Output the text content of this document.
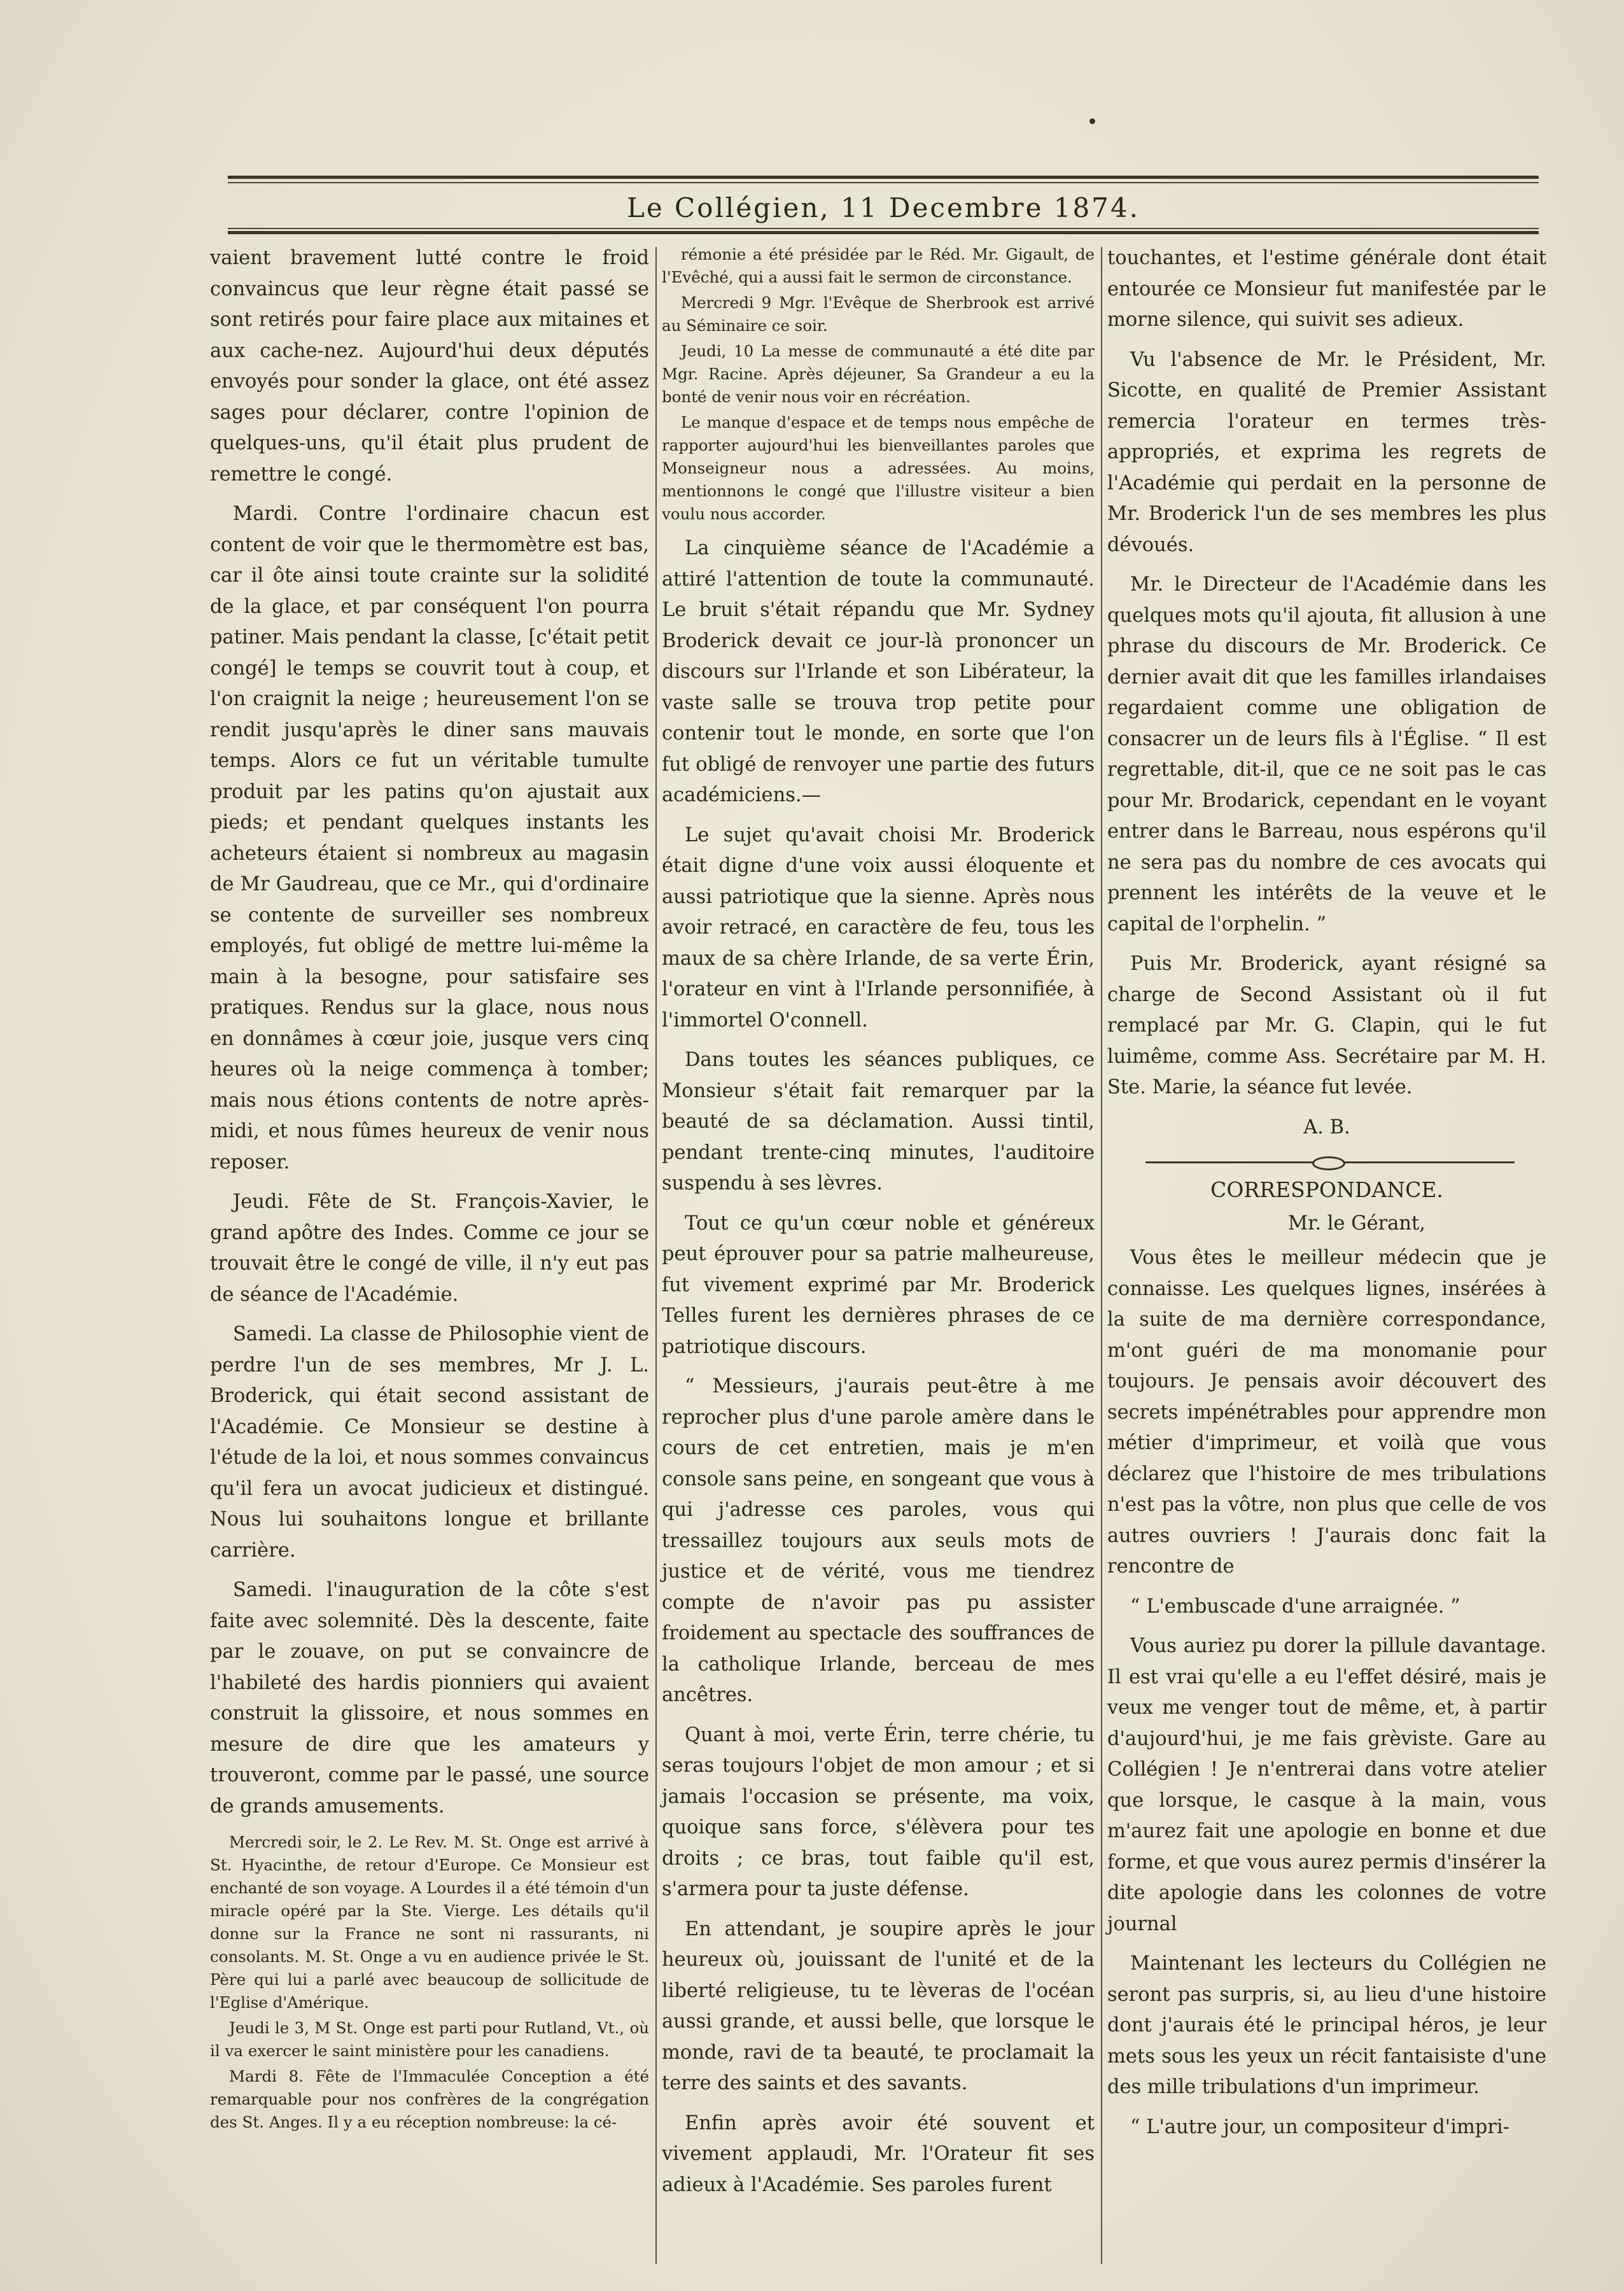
Le Collégien, 11 Decembre 1874.

vaient bravement lutté contre le froid convaincus que leur règne était passé se sont retirés pour faire place aux mitaines et aux cache-nez. Aujourd'hui deux députés envoyés pour sonder la glace, ont été assez sages pour déclarer, contre l'opinion de quelques-uns, qu'il était plus prudent de remettre le congé.

Mardi. Contre l'ordinaire chacun est content de voir que le thermomètre est bas, car il ôte ainsi toute crainte sur la solidité de la glace, et par conséquent l'on pourra patiner. Mais pendant la classe, [c'était petit congé] le temps se couvrit tout à coup, et l'on craignit la neige ; heureusement l'on se rendit jusqu'après le diner sans mauvais temps. Alors ce fut un véritable tumulte produit par les patins qu'on ajustait aux pieds; et pendant quelques instants les acheteurs étaient si nombreux au magasin de Mr Gaudreau, que ce Mr., qui d'ordinaire se contente de surveiller ses nombreux employés, fut obligé de mettre lui-même la main à la besogne, pour satisfaire ses pratiques. Rendus sur la glace, nous nous en donnâmes à cœur joie, jusque vers cinq heures où la neige commença à tomber; mais nous étions contents de notre après-midi, et nous fûmes heureux de venir nous reposer.

Jeudi. Fête de St. François-Xavier, le grand apôtre des Indes. Comme ce jour se trouvait être le congé de ville, il n'y eut pas de séance de l'Académie.

Samedi. La classe de Philosophie vient de perdre l'un de ses membres, Mr J. L. Broderick, qui était second assistant de l'Académie. Ce Monsieur se destine à l'étude de la loi, et nous sommes convaincus qu'il fera un avocat judicieux et distingué. Nous lui souhaitons longue et brillante carrière.

Samedi. l'inauguration de la côte s'est faite avec solemnité. Dès la descente, faite par le zouave, on put se convaincre de l'habileté des hardis pionniers qui avaient construit la glissoire, et nous sommes en mesure de dire que les amateurs y trouveront, comme par le passé, une source de grands amusements.

Mercredi soir, le 2. Le Rev. M. St. Onge est arrivé à St. Hyacinthe, de retour d'Europe. Ce Monsieur est enchanté de son voyage. A Lourdes il a été témoin d'un miracle opéré par la Ste. Vierge. Les détails qu'il donne sur la France ne sont ni rassurants, ni consolants. M. St. Onge a vu en audience privée le St. Père qui lui a parlé avec beaucoup de sollicitude de l'Eglise d'Amérique.

Jeudi le 3, M St. Onge est parti pour Rutland, Vt., où il va exercer le saint ministère pour les canadiens.

Mardi 8. Fête de l'Immaculée Conception a été remarquable pour nos confrères de la congrégation des St. Anges. Il y a eu réception nombreuse: la cé-

rémonie a été présidée par le Réd. Mr. Gigault, de l'Evêché, qui a aussi fait le sermon de circonstance.

Mercredi 9 Mgr. l'Evêque de Sherbrook est arrivé au Séminaire ce soir.

Jeudi, 10 La messe de communauté a été dite par Mgr. Racine. Après déjeuner, Sa Grandeur a eu la bonté de venir nous voir en récréation.

Le manque d'espace et de temps nous empêche de rapporter aujourd'hui les bienveillantes paroles que Monseigneur nous a adressées. Au moins, mentionnons le congé que l'illustre visiteur a bien voulu nous accorder.

La cinquième séance de l'Académie a attiré l'attention de toute la communauté. Le bruit s'était répandu que Mr. Sydney Broderick devait ce jour-là prononcer un discours sur l'Irlande et son Libérateur, la vaste salle se trouva trop petite pour contenir tout le monde, en sorte que l'on fut obligé de renvoyer une partie des futurs académiciens.—

Le sujet qu'avait choisi Mr. Broderick était digne d'une voix aussi éloquente et aussi patriotique que la sienne. Après nous avoir retracé, en caractère de feu, tous les maux de sa chère Irlande, de sa verte Érin, l'orateur en vint à l'Irlande personnifiée, à l'immortel O'connell.

Dans toutes les séances publiques, ce Monsieur s'était fait remarquer par la beauté de sa déclamation. Aussi tintil, pendant trente-cinq minutes, l'auditoire suspendu à ses lèvres.

Tout ce qu'un cœur noble et généreux peut éprouver pour sa patrie malheureuse, fut vivement exprimé par Mr. Broderick Telles furent les dernières phrases de ce patriotique discours.

“ Messieurs, j'aurais peut-être à me reprocher plus d'une parole amère dans le cours de cet entretien, mais je m'en console sans peine, en songeant que vous à qui j'adresse ces paroles, vous qui tressaillez toujours aux seuls mots de justice et de vérité, vous me tiendrez compte de n'avoir pas pu assister froidement au spectacle des souffrances de la catholique Irlande, berceau de mes ancêtres.

Quant à moi, verte Érin, terre chérie, tu seras toujours l'objet de mon amour ; et si jamais l'occasion se présente, ma voix, quoique sans force, s'élèvera pour tes droits ; ce bras, tout faible qu'il est, s'armera pour ta juste défense.

En attendant, je soupire après le jour heureux où, jouissant de l'unité et de la liberté religieuse, tu te lèveras de l'océan aussi grande, et aussi belle, que lorsque le monde, ravi de ta beauté, te proclamait la terre des saints et des savants.

Enfin après avoir été souvent et vivement applaudi, Mr. l'Orateur fit ses adieux à l'Académie. Ses paroles furent

touchantes, et l'estime générale dont était entourée ce Monsieur fut manifestée par le morne silence, qui suivit ses adieux.

Vu l'absence de Mr. le Président, Mr. Sicotte, en qualité de Premier Assistant remercia l'orateur en termes très-appropriés, et exprima les regrets de l'Académie qui perdait en la personne de Mr. Broderick l'un de ses membres les plus dévoués.

Mr. le Directeur de l'Académie dans les quelques mots qu'il ajouta, fit allusion à une phrase du discours de Mr. Broderick. Ce dernier avait dit que les familles irlandaises regardaient comme une obligation de consacrer un de leurs fils à l'Église. “ Il est regrettable, dit-il, que ce ne soit pas le cas pour Mr. Brodarick, cependant en le voyant entrer dans le Barreau, nous espérons qu'il ne sera pas du nombre de ces avocats qui prennent les intérêts de la veuve et le capital de l'orphelin. ”

Puis Mr. Broderick, ayant résigné sa charge de Second Assistant où il fut remplacé par Mr. G. Clapin, qui le fut luimême, comme Ass. Secrétaire par M. H. Ste. Marie, la séance fut levée.

A. B.

CORRESPONDANCE.

Mr. le Gérant,

Vous êtes le meilleur médecin que je connaisse. Les quelques lignes, insérées à la suite de ma dernière correspondance, m'ont guéri de ma monomanie pour toujours. Je pensais avoir découvert des secrets impénétrables pour apprendre mon métier d'imprimeur, et voilà que vous déclarez que l'histoire de mes tribulations n'est pas la vôtre, non plus que celle de vos autres ouvriers ! J'aurais donc fait la rencontre de

“ L'embuscade d'une arraignée. ”

Vous auriez pu dorer la pillule davantage. Il est vrai qu'elle a eu l'effet désiré, mais je veux me venger tout de même, et, à partir d'aujourd'hui, je me fais grèviste. Gare au Collégien ! Je n'entrerai dans votre atelier que lorsque, le casque à la main, vous m'aurez fait une apologie en bonne et due forme, et que vous aurez permis d'insérer la dite apologie dans les colonnes de votre journal

Maintenant les lecteurs du Collégien ne seront pas surpris, si, au lieu d'une histoire dont j'aurais été le principal héros, je leur mets sous les yeux un récit fantaisiste d'une des mille tribulations d'un imprimeur.

“ L'autre jour, un compositeur d'impri-
